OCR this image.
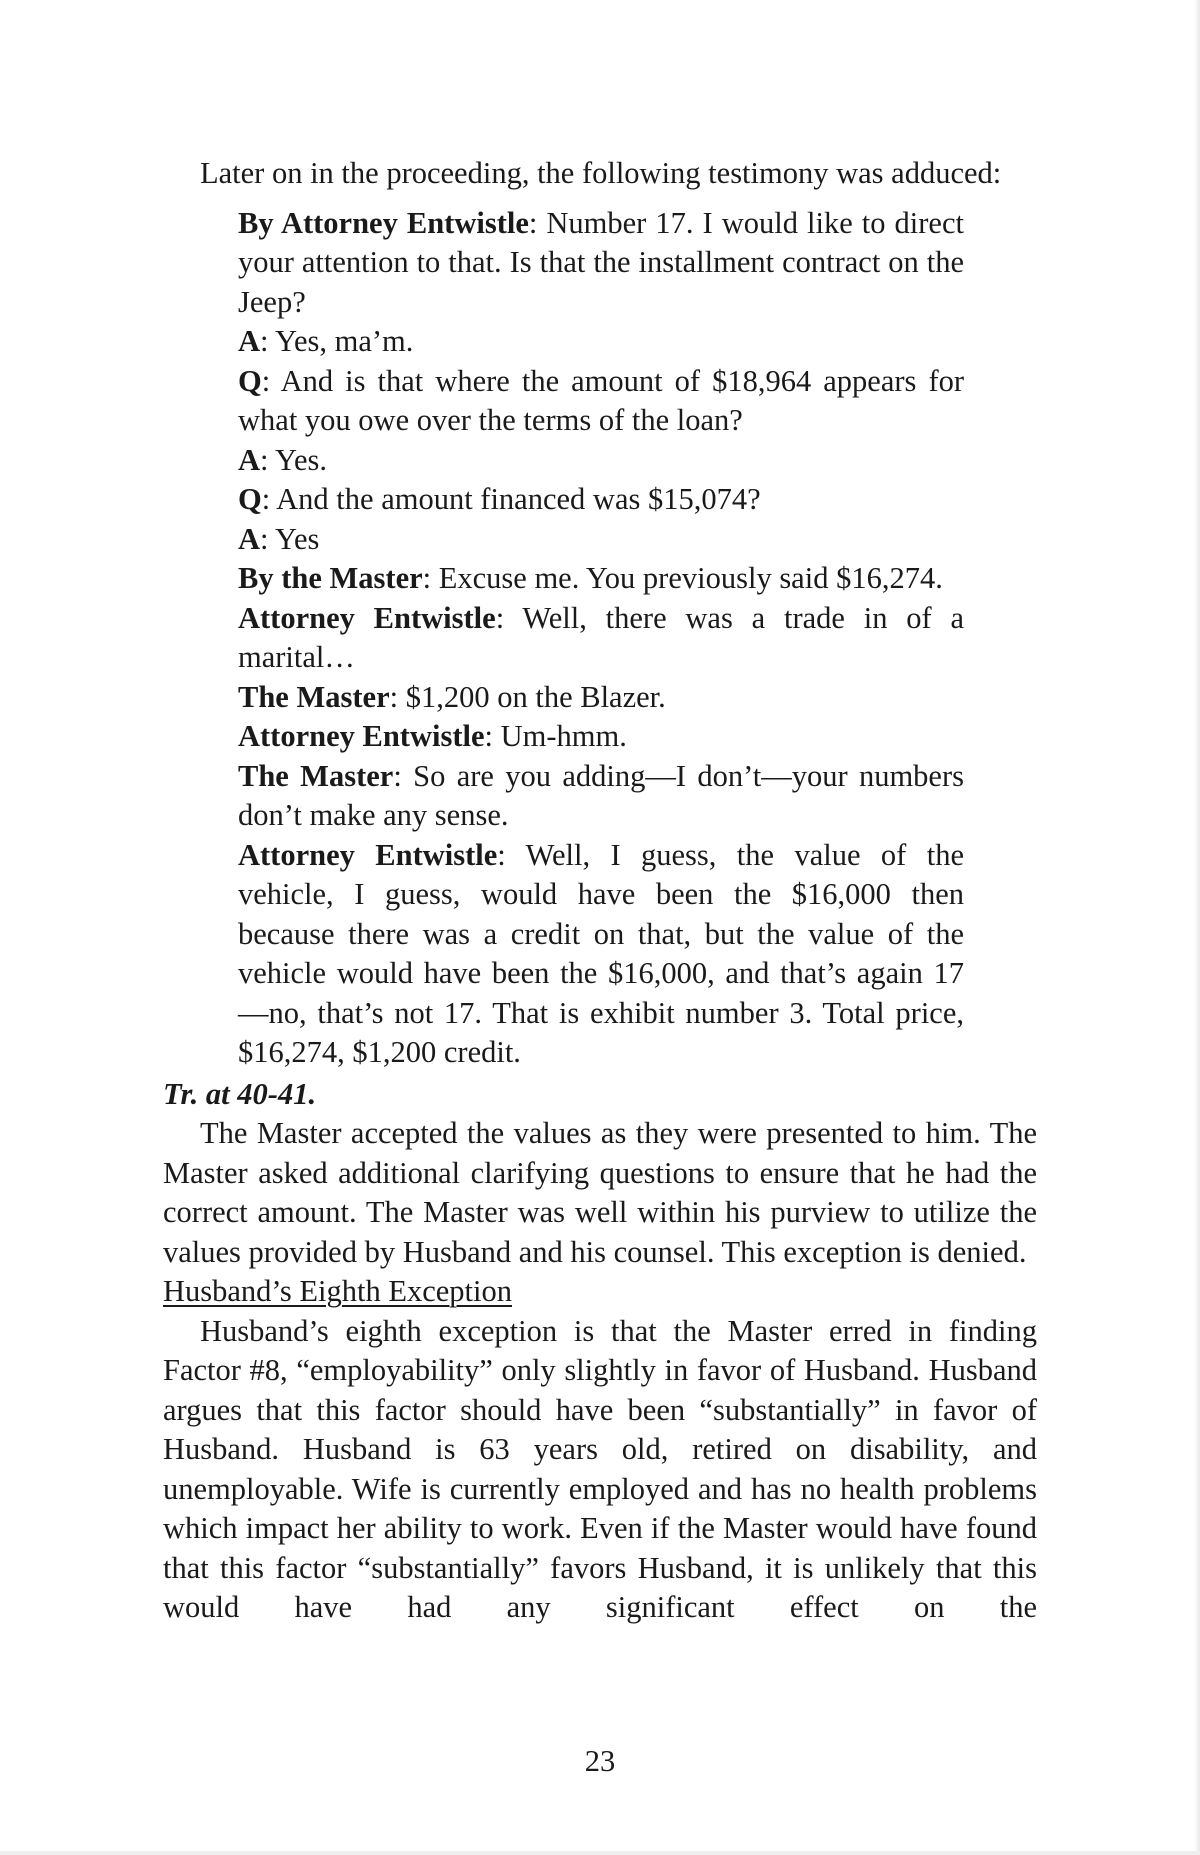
Later on in the proceeding, the following testimony was adduced:

By Attorney Entwistle: Number 17. I would like to direct your attention to that. Is that the installment contract on the Jeep?

A: Yes, ma’m.

Q: And is that where the amount of $18,964 appears for what you owe over the terms of the loan?

A: Yes.

Q: And the amount financed was $15,074?

A: Yes

By the Master: Excuse me. You previously said $16,274.

Attorney Entwistle: Well, there was a trade in of a marital…

The Master: $1,200 on the Blazer.

Attorney Entwistle: Um-hmm.

The Master: So are you adding—I don’t—your numbers don’t make any sense.

Attorney Entwistle: Well, I guess, the value of the vehicle, I guess, would have been the $16,000 then because there was a credit on that, but the value of the vehicle would have been the $16,000, and that’s again 17—no, that’s not 17. That is exhibit number 3. Total price, $16,274, $1,200 credit.

Tr. at 40-41.

The Master accepted the values as they were presented to him. The Master asked additional clarifying questions to ensure that he had the correct amount. The Master was well within his purview to utilize the values provided by Husband and his counsel. This exception is denied.

Husband’s Eighth Exception

Husband’s eighth exception is that the Master erred in finding Factor #8, “employability” only slightly in favor of Husband. Husband argues that this factor should have been “substantially” in favor of Husband. Husband is 63 years old, retired on disability, and unemployable. Wife is currently employed and has no health problems which impact her ability to work. Even if the Master would have found that this factor “substantially” favors Husband, it is unlikely that this would have had any significant effect on the

23
